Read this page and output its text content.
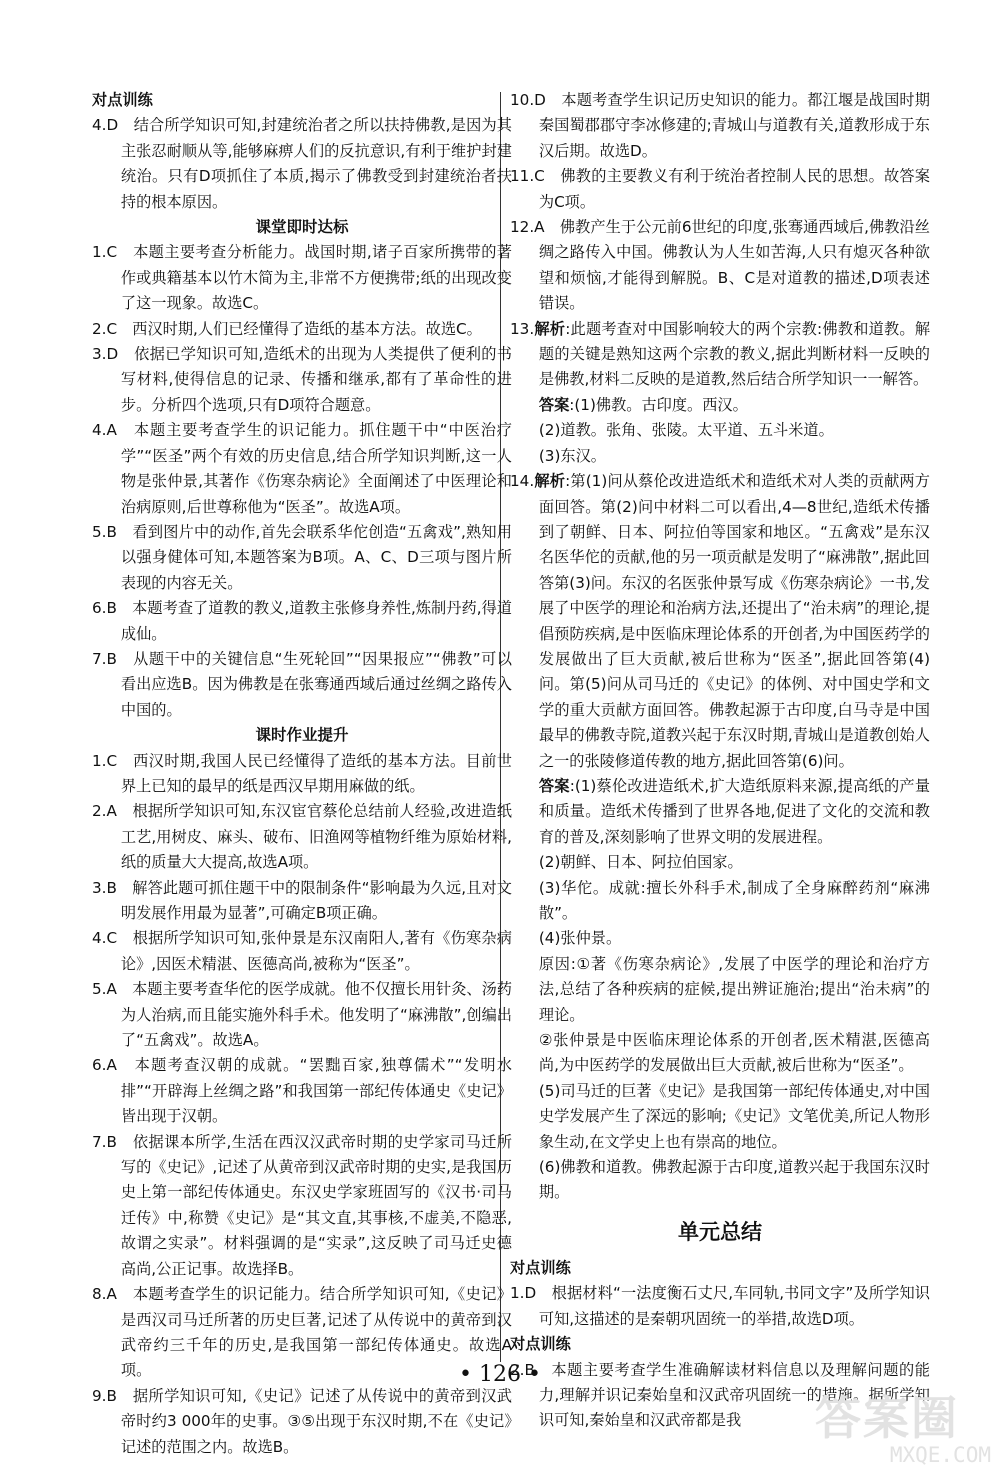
对点训练

4.D　结合所学知识可知,封建统治者之所以扶持佛教,是因为其主张忍耐顺从等,能够麻痹人们的反抗意识,有利于维护封建统治。只有D项抓住了本质,揭示了佛教受到封建统治者扶持的根本原因。

课堂即时达标

1.C　本题主要考查分析能力。战国时期,诸子百家所携带的著作或典籍基本以竹木简为主,非常不方便携带;纸的出现改变了这一现象。故选C。

2.C　西汉时期,人们已经懂得了造纸的基本方法。故选C。

3.D　依据已学知识可知,造纸术的出现为人类提供了便利的书写材料,使得信息的记录、传播和继承,都有了革命性的进步。分析四个选项,只有D项符合题意。

4.A　本题主要考查学生的识记能力。抓住题干中“中医治疗学”“医圣”两个有效的历史信息,结合所学知识判断,这一人物是张仲景,其著作《伤寒杂病论》全面阐述了中医理论和治病原则,后世尊称他为“医圣”。故选A项。

5.B　看到图片中的动作,首先会联系华佗创造“五禽戏”,熟知用以强身健体可知,本题答案为B项。A、C、D三项与图片所表现的内容无关。

6.B　本题考查了道教的教义,道教主张修身养性,炼制丹药,得道成仙。

7.B　从题干中的关键信息“生死轮回”“因果报应”“佛教”可以看出应选B。因为佛教是在张骞通西域后通过丝绸之路传入中国的。

课时作业提升

1.C　西汉时期,我国人民已经懂得了造纸的基本方法。目前世界上已知的最早的纸是西汉早期用麻做的纸。

2.A　根据所学知识可知,东汉宦官蔡伦总结前人经验,改进造纸工艺,用树皮、麻头、破布、旧渔网等植物纤维为原始材料,纸的质量大大提高,故选A项。

3.B　解答此题可抓住题干中的限制条件“影响最为久远,且对文明发展作用最为显著”,可确定B项正确。

4.C　根据所学知识可知,张仲景是东汉南阳人,著有《伤寒杂病论》,因医术精湛、医德高尚,被称为“医圣”。

5.A　本题主要考查华佗的医学成就。他不仅擅长用针灸、汤药为人治病,而且能实施外科手术。他发明了“麻沸散”,创编出了“五禽戏”。故选A。

6.A　本题考查汉朝的成就。“罢黜百家,独尊儒术”“发明水排”“开辟海上丝绸之路”和我国第一部纪传体通史《史记》皆出现于汉朝。

7.B　依据课本所学,生活在西汉汉武帝时期的史学家司马迁所写的《史记》,记述了从黄帝到汉武帝时期的史实,是我国历史上第一部纪传体通史。东汉史学家班固写的《汉书·司马迁传》中,称赞《史记》是“其文直,其事核,不虚美,不隐恶,故谓之实录”。材料强调的是“实录”,这反映了司马迁史德高尚,公正记事。故选择B。

8.A　本题考查学生的识记能力。结合所学知识可知,《史记》是西汉司马迁所著的历史巨著,记述了从传说中的黄帝到汉武帝约三千年的历史,是我国第一部纪传体通史。故选A项。

9.B　据所学知识可知,《史记》记述了从传说中的黄帝到汉武帝时约3 000年的史事。③⑤出现于东汉时期,不在《史记》记述的范围之内。故选B。

10.D　本题考查学生识记历史知识的能力。都江堰是战国时期秦国蜀郡郡守李冰修建的;青城山与道教有关,道教形成于东汉后期。故选D。

11.C　佛教的主要教义有利于统治者控制人民的思想。故答案为C项。

12.A　佛教产生于公元前6世纪的印度,张骞通西域后,佛教沿丝绸之路传入中国。佛教认为人生如苦海,人只有熄灭各种欲望和烦恼,才能得到解脱。B、C是对道教的描述,D项表述错误。

13.解析:此题考查对中国影响较大的两个宗教:佛教和道教。解题的关键是熟知这两个宗教的教义,据此判断材料一反映的是佛教,材料二反映的是道教,然后结合所学知识一一解答。

答案:(1)佛教。古印度。西汉。

(2)道教。张角、张陵。太平道、五斗米道。

(3)东汉。

14.解析:第(1)问从蔡伦改进造纸术和造纸术对人类的贡献两方面回答。第(2)问中材料二可以看出,4—8世纪,造纸术传播到了朝鲜、日本、阿拉伯等国家和地区。“五禽戏”是东汉名医华佗的贡献,他的另一项贡献是发明了“麻沸散”,据此回答第(3)问。东汉的名医张仲景写成《伤寒杂病论》一书,发展了中医学的理论和治病方法,还提出了“治未病”的理论,提倡预防疾病,是中医临床理论体系的开创者,为中国医药学的发展做出了巨大贡献,被后世称为“医圣”,据此回答第(4)问。第(5)问从司马迁的《史记》的体例、对中国史学和文学的重大贡献方面回答。佛教起源于古印度,白马寺是中国最早的佛教寺院,道教兴起于东汉时期,青城山是道教创始人之一的张陵修道传教的地方,据此回答第(6)问。

答案:(1)蔡伦改进造纸术,扩大造纸原料来源,提高纸的产量和质量。造纸术传播到了世界各地,促进了文化的交流和教育的普及,深刻影响了世界文明的发展进程。

(2)朝鲜、日本、阿拉伯国家。

(3)华佗。成就:擅长外科手术,制成了全身麻醉药剂“麻沸散”。

(4)张仲景。

原因:①著《伤寒杂病论》,发展了中医学的理论和治疗方法,总结了各种疾病的症候,提出辨证施治;提出“治未病”的理论。

②张仲景是中医临床理论体系的开创者,医术精湛,医德高尚,为中医药学的发展做出巨大贡献,被后世称为“医圣”。

(5)司马迁的巨著《史记》是我国第一部纪传体通史,对中国史学发展产生了深远的影响;《史记》文笔优美,所记人物形象生动,在文学史上也有崇高的地位。

(6)佛教和道教。佛教起源于古印度,道教兴起于我国东汉时期。

单元总结

对点训练

1.D　根据材料“一法度衡石丈尺,车同轨,书同文字”及所学知识可知,这描述的是秦朝巩固统一的举措,故选D项。

对点训练

2.B　本题主要考查学生准确解读材料信息以及理解问题的能力,理解并识记秦始皇和汉武帝巩固统一的措施。据所学知识可知,秦始皇和汉武帝都是我

• 126 •
答案圈
MXQE.COM
